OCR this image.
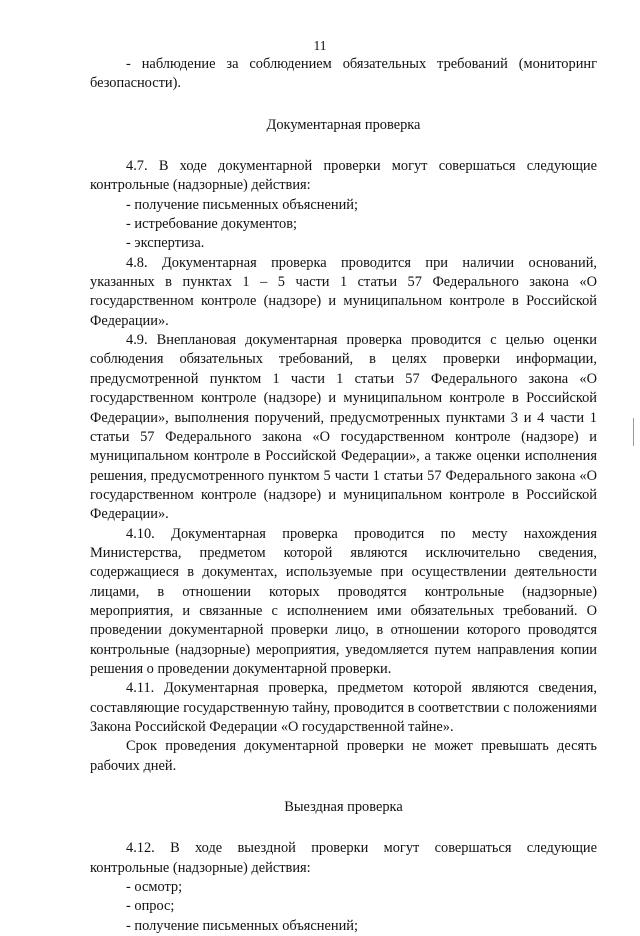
11

- наблюдение за соблюдением обязательных требований (мониторинг безопасности).

Документарная проверка

4.7. В ходе документарной проверки могут совершаться следующие контрольные (надзорные) действия:

- получение письменных объяснений;

- истребование документов;

- экспертиза.

4.8. Документарная проверка проводится при наличии оснований, указанных в пунктах 1 – 5 части 1 статьи 57 Федерального закона «О государственном контроле (надзоре) и муниципальном контроле в Российской Федерации».

4.9. Внеплановая документарная проверка проводится с целью оценки соблюдения обязательных требований, в целях проверки информации, предусмотренной пунктом 1 части 1 статьи 57 Федерального закона «О государственном контроле (надзоре) и муниципальном контроле в Российской Федерации», выполнения поручений, предусмотренных пунктами 3 и 4 части 1 статьи 57 Федерального закона «О государственном контроле (надзоре) и муниципальном контроле в Российской Федерации», а также оценки исполнения решения, предусмотренного пунктом 5 части 1 статьи 57 Федерального закона «О государственном контроле (надзоре) и муниципальном контроле в Российской Федерации».

4.10. Документарная проверка проводится по месту нахождения Министерства, предметом которой являются исключительно сведения, содержащиеся в документах, используемые при осуществлении деятельности лицами, в отношении которых проводятся контрольные (надзорные) мероприятия, и связанные с исполнением ими обязательных требований. О проведении документарной проверки лицо, в отношении которого проводятся контрольные (надзорные) мероприятия, уведомляется путем направления копии решения о проведении документарной проверки.

4.11. Документарная проверка, предметом которой являются сведения, составляющие государственную тайну, проводится в соответствии с положениями Закона Российской Федерации «О государственной тайне».

Срок проведения документарной проверки не может превышать десять рабочих дней.

Выездная проверка

4.12. В ходе выездной проверки могут совершаться следующие контрольные (надзорные) действия:

- осмотр;

- опрос;

- получение письменных объяснений;
